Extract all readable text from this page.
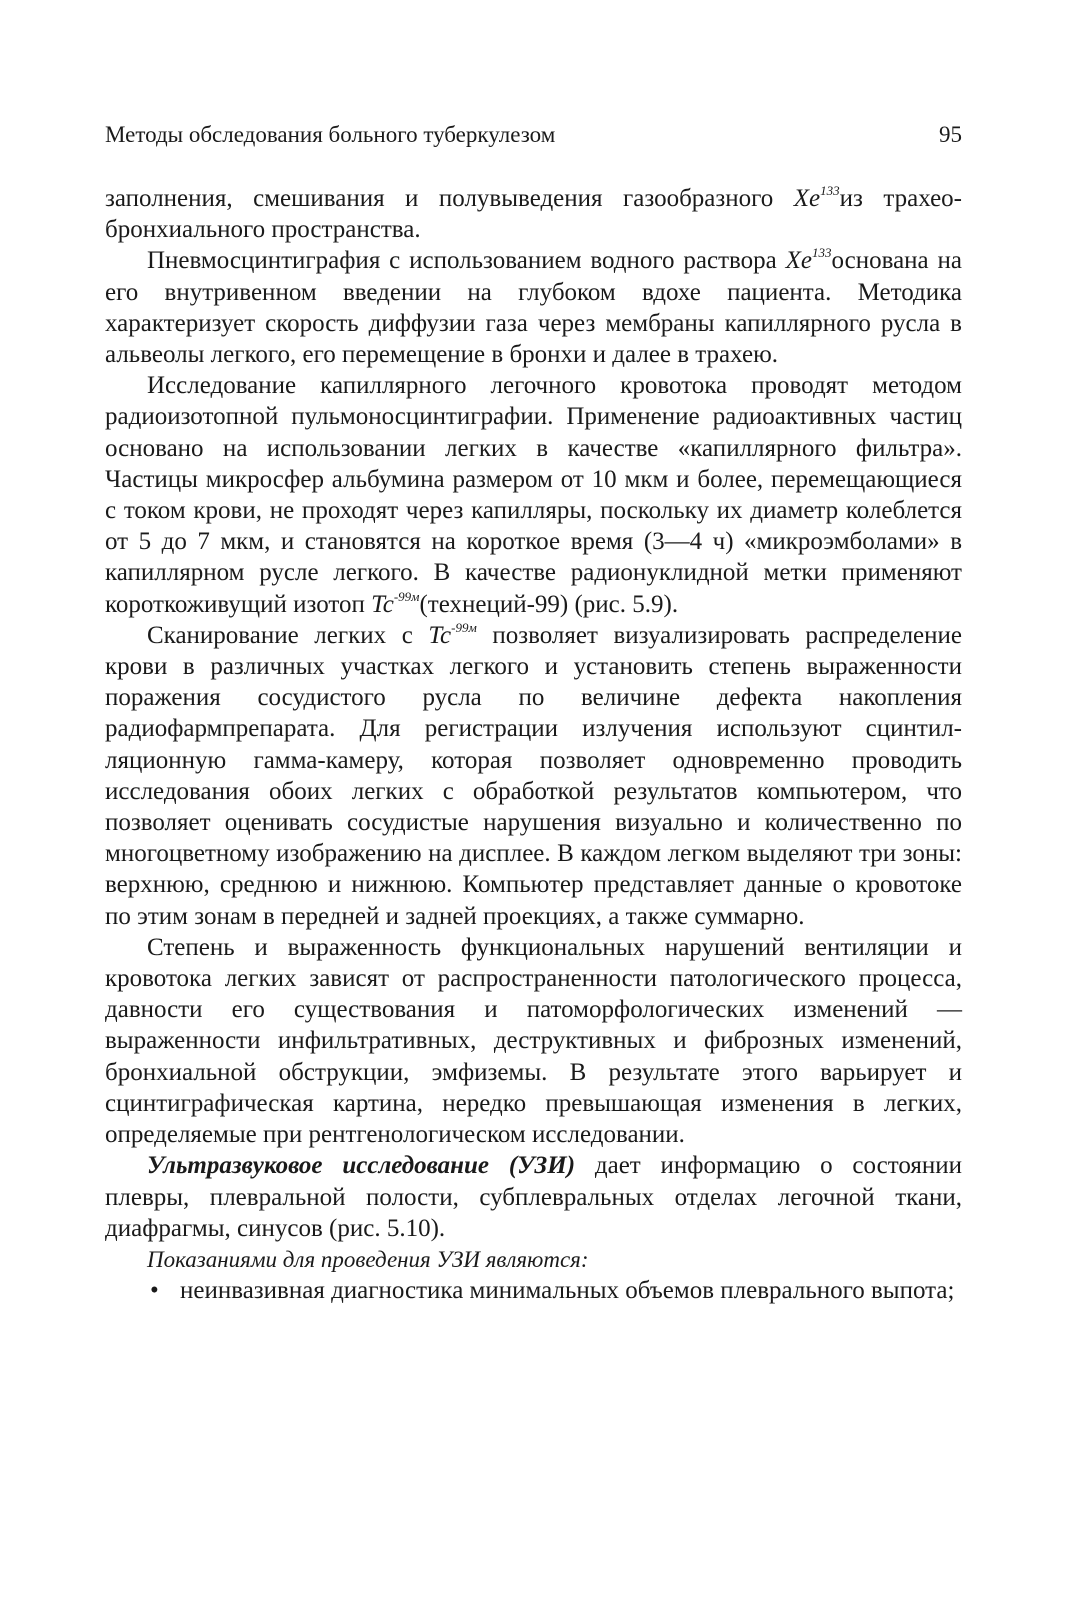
Методы обследования больного туберкулезом	95

заполнения, смешивания и полувыведения газообразного Xe$^{133}$из трахеобронхиального пространства.

Пневмосцинтиграфия с использованием водного раствора Xe$^{133}$основана на его внутривенном введении на глубоком вдохе пациента. Методика характеризует скорость диффузии газа через мембраны капиллярного русла в альвеолы легкого, его перемещение в бронхи и далее в трахею.

Исследование капиллярного легочного кровотока проводят методом радиоизотопной пульмоносцинтиграфии. Применение радиоактивных частиц основано на использовании легких в качестве «капиллярного фильтра». Частицы микросфер альбумина размером от 10 мкм и более, перемещающиеся с током крови, не проходят через капилляры, поскольку их диаметр колеблется от 5 до 7 мкм, и становятся на короткое время (3—4 ч) «микроэмболами» в капиллярном русле легкого. В качестве радионуклидной метки применяют короткоживущий изотоп $Tc^{-99м}(технеций-99)$ (рис. 5.9).

Сканирование легких с $Tc^{-99м}$ позволяет визуализировать распределение крови в различных участках легкого и установить степень выраженности поражения сосудистого русла по величине дефекта накопления радиофармпрепарата. Для регистрации излучения используют сцинтилляционную гамма-камеру, которая позволяет одновременно проводить исследования обоих легких с обработкой результатов компьютером, что позволяет оценивать сосудистые нарушения визуально и количественно по многоцветному изображению на дисплее. В каждом легком выделяют три зоны: верхнюю, среднюю и нижнюю. Компьютер представляет данные о кровотоке по этим зонам в передней и задней проекциях, а также суммарно.

Степень и выраженность функциональных нарушений вентиляции и кровотока легких зависят от распространенности патологического процесса, давности его существования и патоморфологических изменений — выраженности инфильтративных, деструктивных и фиброзных изменений, бронхиальной обструкции, эмфиземы. В результате этого варьирует и сцинтиграфическая картина, нередко превышающая изменения в легких, определяемые при рентгенологическом исследовании.

Ультразвуковое исследование (УЗИ) дает информацию о состоянии плевры, плевральной полости, субплевральных отделах легочной ткани, диафрагмы, синусов (рис. 5.10).

Показаниями для проведения УЗИ являются:

• неинвазивная диагностика минимальных объемов плеврального выпота;
